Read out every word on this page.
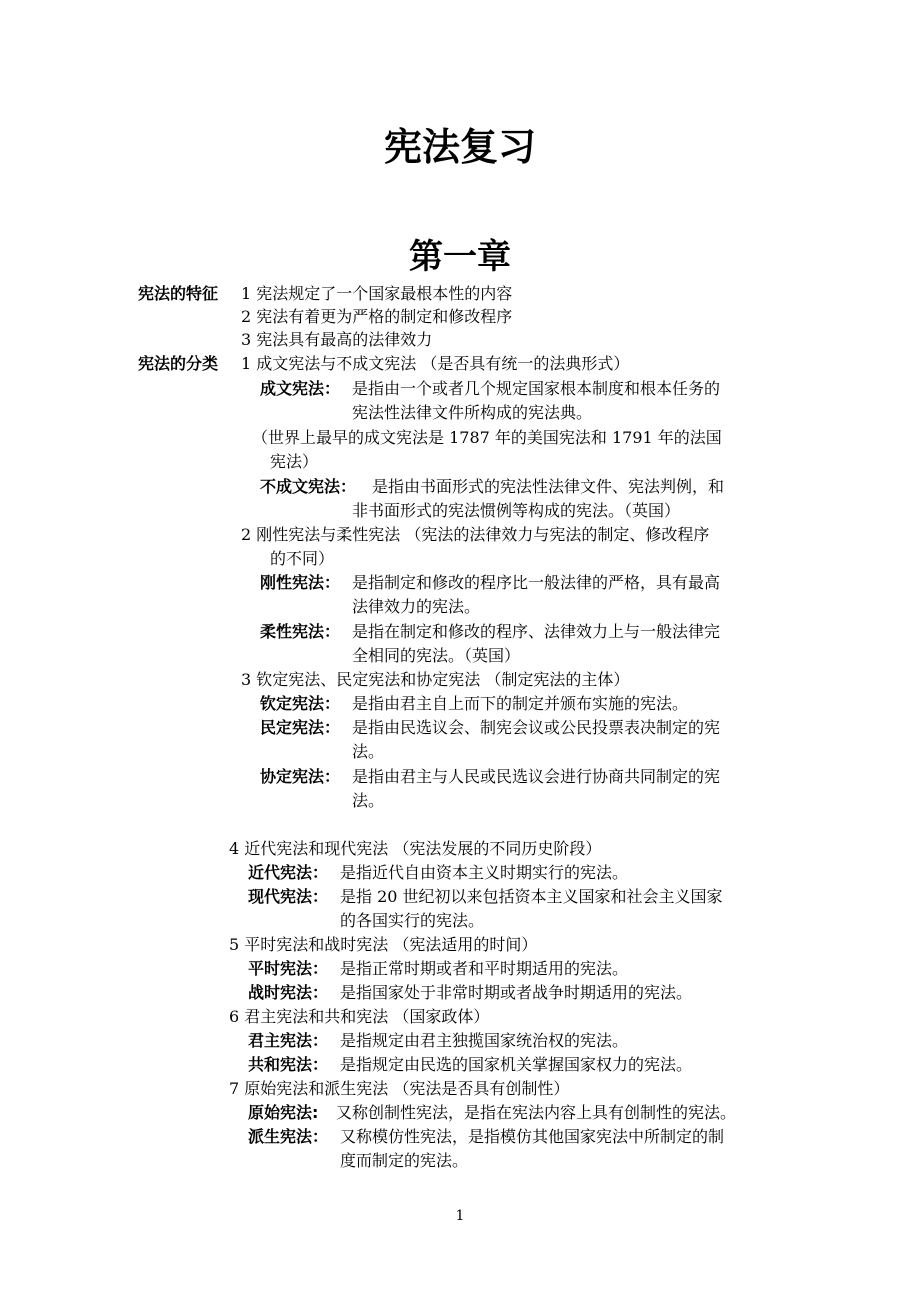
宪法复习
第一章
宪法的特征 1 宪法规定了一个国家最根本性的内容
2 宪法有着更为严格的制定和修改程序
3 宪法具有最高的法律效力
宪法的分类 1 成文宪法与不成文宪法 （是否具有统一的法典形式）
成文宪法： 是指由一个或者几个规定国家根本制度和根本任务的
宪法性法律文件所构成的宪法典。
（世界上最早的成文宪法是 1787 年的美国宪法和 1791 年的法国
宪法）
不成文宪法： 是指由书面形式的宪法性法律文件、宪法判例，和
非书面形式的宪法惯例等构成的宪法。（英国）
2 刚性宪法与柔性宪法 （宪法的法律效力与宪法的制定、修改程序
的不同）
刚性宪法： 是指制定和修改的程序比一般法律的严格，具有最高
法律效力的宪法。
柔性宪法： 是指在制定和修改的程序、法律效力上与一般法律完
全相同的宪法。（英国）
3 钦定宪法、民定宪法和协定宪法 （制定宪法的主体）
钦定宪法： 是指由君主自上而下的制定并颁布实施的宪法。
民定宪法： 是指由民选议会、制宪会议或公民投票表决制定的宪
法。
协定宪法： 是指由君主与人民或民选议会进行协商共同制定的宪
法。
4 近代宪法和现代宪法 （宪法发展的不同历史阶段）
近代宪法： 是指近代自由资本主义时期实行的宪法。
现代宪法： 是指 20 世纪初以来包括资本主义国家和社会主义国家
的各国实行的宪法。
5 平时宪法和战时宪法 （宪法适用的时间）
平时宪法： 是指正常时期或者和平时期适用的宪法。
战时宪法： 是指国家处于非常时期或者战争时期适用的宪法。
6 君主宪法和共和宪法 （国家政体）
君主宪法： 是指规定由君主独揽国家统治权的宪法。
共和宪法： 是指规定由民选的国家机关掌握国家权力的宪法。
7 原始宪法和派生宪法 （宪法是否具有创制性）
原始宪法: 又称创制性宪法，是指在宪法内容上具有创制性的宪法。
派生宪法： 又称模仿性宪法，是指模仿其他国家宪法中所制定的制
度而制定的宪法。
1
